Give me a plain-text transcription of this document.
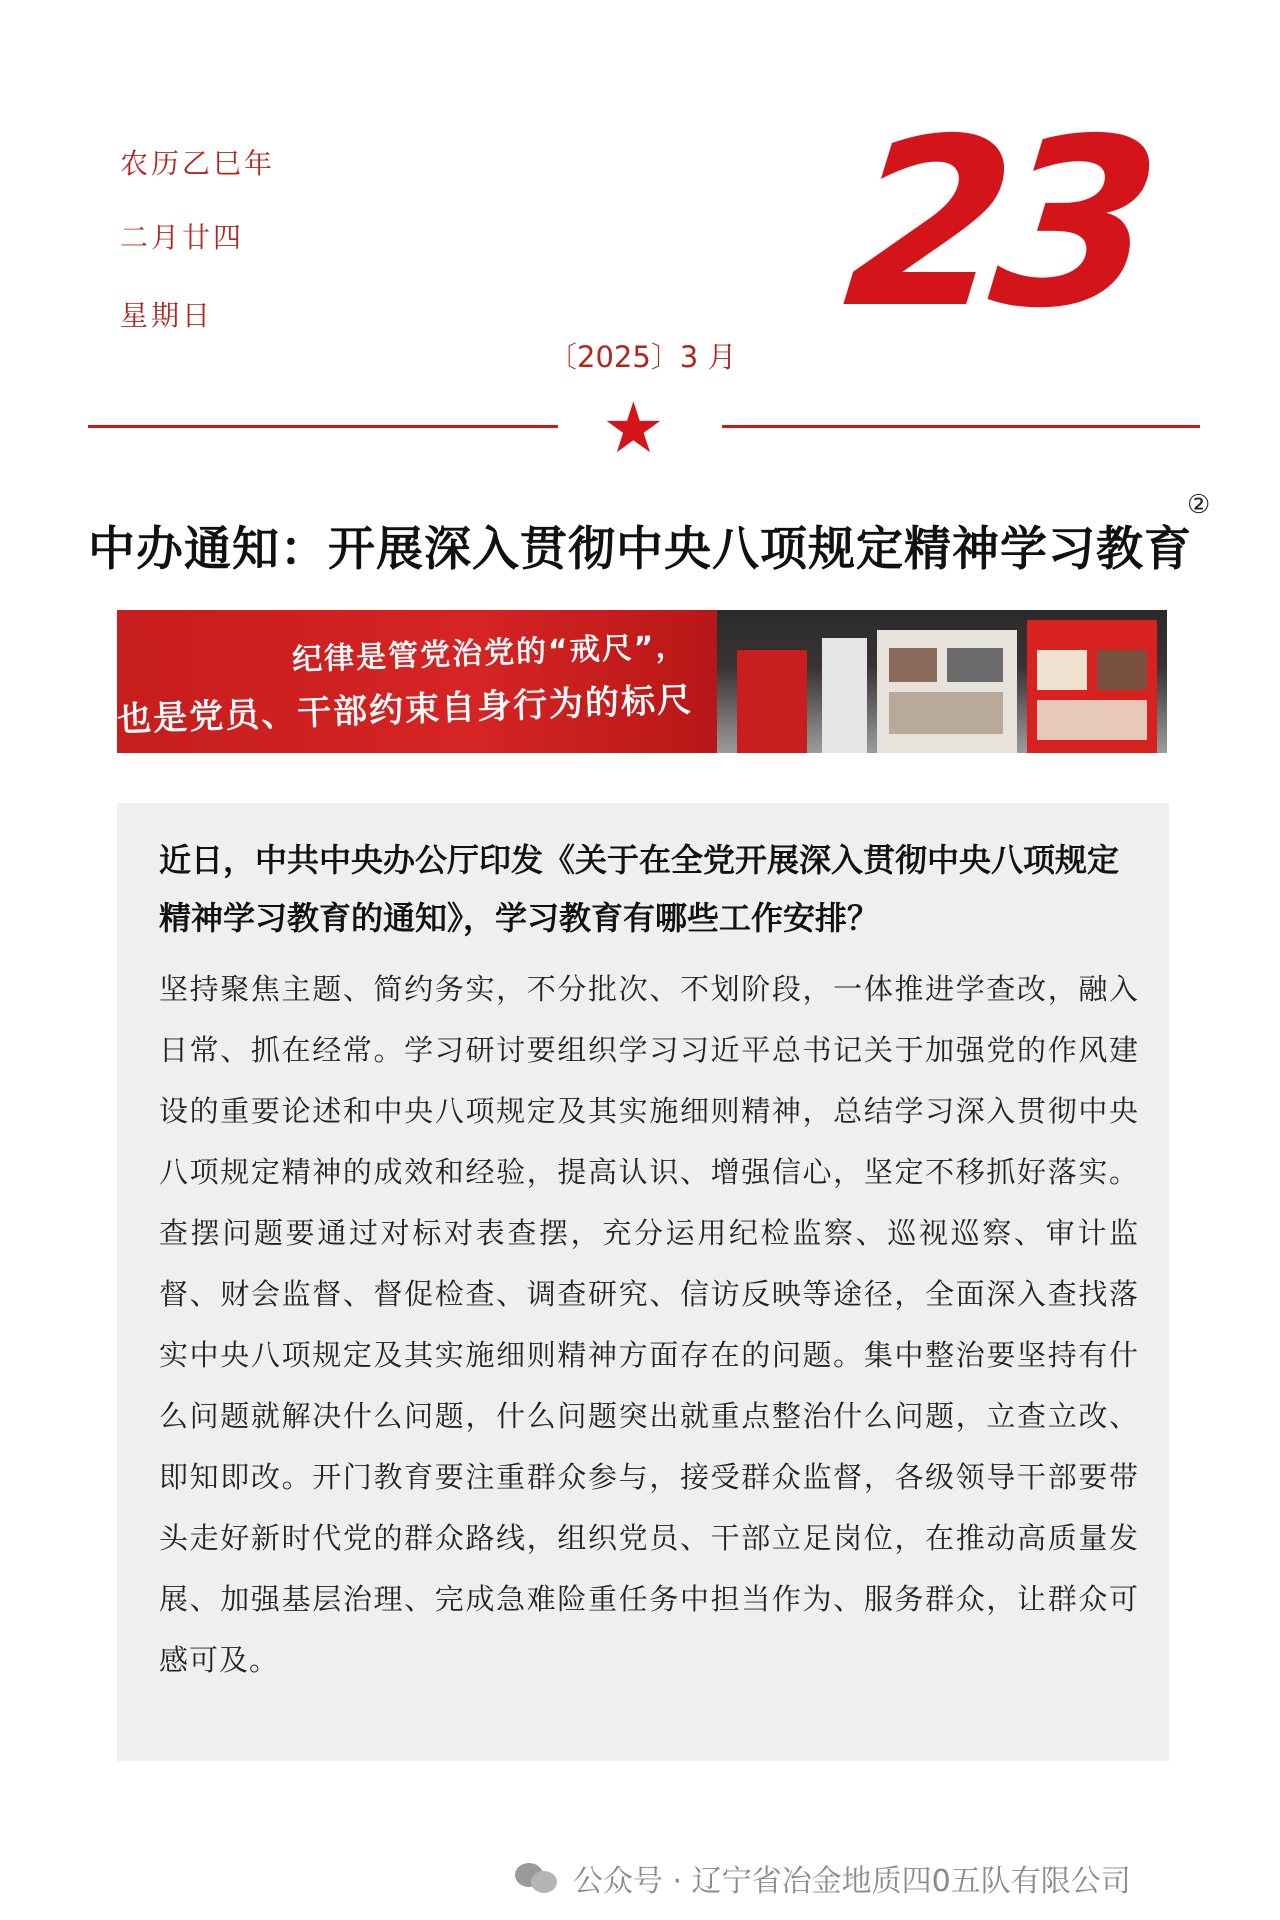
农历乙巳年
二月廿四
星期日	23
〔2025〕3 月
★
中办通知：开展深入贯彻中央八项规定精神学习教育
②
纪律是管党治党的“戒尺”，
也是党员、干部约束自身行为的标尺
近日，中共中央办公厅印发《关于在全党开展深入贯彻中央八项规定精神学习教育的通知》，学习教育有哪些工作安排？
坚持聚焦主题、简约务实，不分批次、不划阶段，一体推进学查改，融入日常、抓在经常。学习研讨要组织学习习近平总书记关于加强党的作风建设的重要论述和中央八项规定及其实施细则精神，总结学习深入贯彻中央八项规定精神的成效和经验，提高认识、增强信心，坚定不移抓好落实。查摆问题要通过对标对表查摆，充分运用纪检监察、巡视巡察、审计监督、财会监督、督促检查、调查研究、信访反映等途径，全面深入查找落实中央八项规定及其实施细则精神方面存在的问题。集中整治要坚持有什么问题就解决什么问题，什么问题突出就重点整治什么问题，立查立改、即知即改。开门教育要注重群众参与，接受群众监督，各级领导干部要带头走好新时代党的群众路线，组织党员、干部立足岗位，在推动高质量发展、加强基层治理、完成急难险重任务中担当作为、服务群众，让群众可感可及。
公众号 · 辽宁省冶金地质四0五队有限公司
